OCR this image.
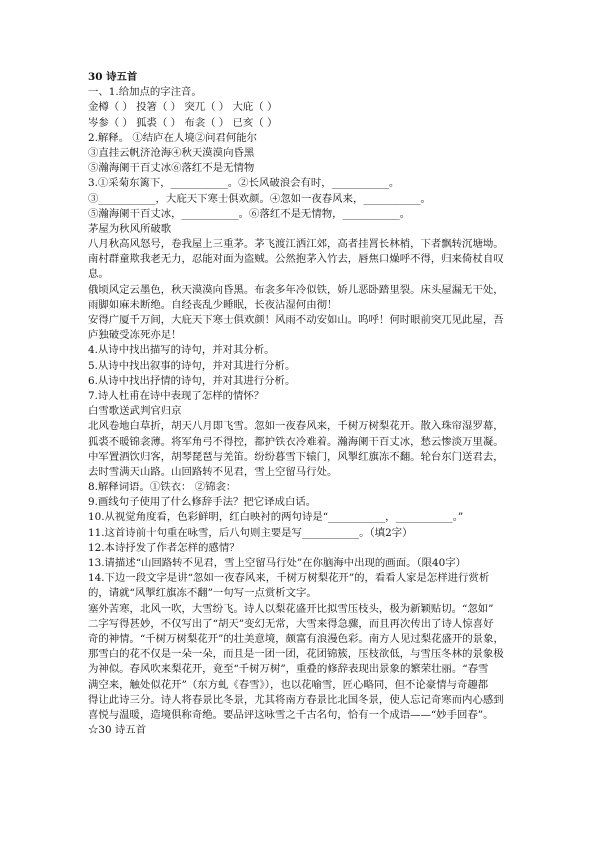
30 诗五首
一、1.给加点的字注音。
金樽（ ） 投箸（ ） 突兀（ ） 大庇（ ）
岑参（ ） 狐裘（ ） 布衾（ ） 已亥（ ）
2.解释。 ①结庐在人境②问君何能尔
③直挂云帆济沧海④秋天漠漠向昏黑
⑤瀚海阑干百丈冰⑥落红不是无情物
3.①采菊东篱下，___________。②长风破浪会有时，___________。
③___________，大庇天下寒士俱欢颜。④忽如一夜春风来，___________。
⑤瀚海阑干百丈冰，___________。⑥落红不是无情物，___________。
茅屋为秋风所破歌
八月秋高风怒号，卷我屋上三重茅。茅飞渡江洒江郊，高者挂罥长林梢，下者飘转沉塘坳。
南村群童欺我老无力，忍能对面为盗贼。公然抱茅入竹去，唇焦口燥呼不得，归来倚杖自叹
息。
俄顷风定云墨色，秋天漠漠向昏黑。布衾多年冷似铁，娇儿恶卧踏里裂。床头屋漏无干处，
雨脚如麻未断绝。自经丧乱少睡眠，长夜沾湿何由彻！
安得广厦千万间，大庇天下寒士俱欢颜！风雨不动安如山。呜呼！何时眼前突兀见此屋，吾
庐独破受冻死亦足！
4.从诗中找出描写的诗句，并对其分析。
5.从诗中找出叙事的诗句，并对其进行分析。
6.从诗中找出抒情的诗句，并对其进行分析。
7.诗人杜甫在诗中表现了怎样的情怀？
白雪歌送武判官归京
北风卷地白草折，胡天八月即飞雪。忽如一夜春风来，千树万树梨花开。散入珠帘湿罗幕，
狐裘不暖锦衾薄。将军角弓不得控，都护铁衣冷难着。瀚海阑干百丈冰，愁云惨淡万里凝。
中军置酒饮归客，胡琴琵琶与羌笛。纷纷暮雪下辕门，风掣红旗冻不翻。轮台东门送君去，
去时雪满天山路。山回路转不见君，雪上空留马行处。
8.解释词语。①铁衣： ②锦衾：
9.画线句子使用了什么修辞手法？把它译成白话。
10.从视觉角度看，色彩鲜明，红白映衬的两句诗是“___________，___________。”
11.这首诗前十句重在咏雪，后八句则主要是写___________。（填2字）
12.本诗抒发了作者怎样的感情？
13.请描述“山回路转不见君，雪上空留马行处”在你脑海中出现的画面。（限40字）
14.下边一段文字是讲“忽如一夜春风来，千树万树梨花开”的，看看人家是怎样进行赏析
的，请就“风掣红旗冻不翻”一句写一点赏析文字。
塞外苦寒，北风一吹，大雪纷飞。诗人以梨花盛开比拟雪压枝头，极为新颖贴切。“忽如”
二字写得甚妙，不仅写出了“胡天”变幻无常，大雪来得急骤，而且再次传出了诗人惊喜好
奇的神情。“千树万树梨花开”的壮美意境，颇富有浪漫色彩。南方人见过梨花盛开的景象，
那雪白的花不仅是一朵一朵，而且是一团一团，花团锦簇，压枝欲低，与雪压冬林的景象极
为神似。春风吹来梨花开，竟至“千树万树”，重叠的修辞表现出景象的繁荣壮丽。“春雪
满空来，触处似花开”（东方虬《春雪》），也以花喻雪，匠心略同，但不论豪情与奇趣都
得让此诗三分。诗人将春景比冬景，尤其将南方春景比北国冬景，使人忘记奇寒而内心感到
喜悦与温暖，造境俱称奇绝。要品评这咏雪之千古名句，恰有一个成语——“妙手回春”。
☆30 诗五首
